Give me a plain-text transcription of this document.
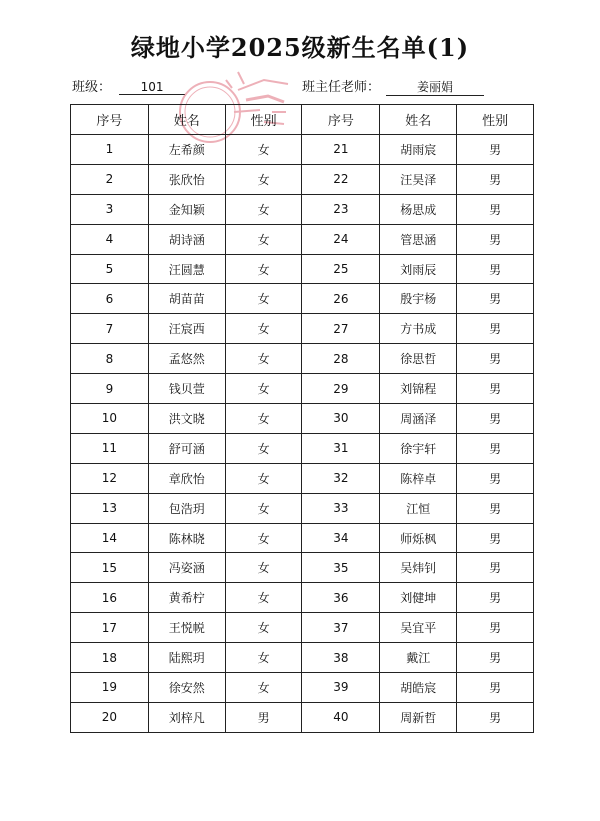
绿地小学2025级新生名单(1)
班级： 101	班主任老师：	姜丽娟
序号	姓名	性别	序号	姓名	性别
1	左希颜	女	21	胡雨宸	男
2	张欣怡	女	22	汪昊泽	男
3	金知颖	女	23	杨思成	男
4	胡诗涵	女	24	管思涵	男
5	汪圆慧	女	25	刘雨辰	男
6	胡苗苗	女	26	殷宇杨	男
7	汪宸西	女	27	方书成	男
8	孟悠然	女	28	徐思哲	男
9	钱贝萱	女	29	刘锦程	男
10	洪文晓	女	30	周涵泽	男
11	舒可涵	女	31	徐宇轩	男
12	章欣怡	女	32	陈梓卓	男
13	包浩玥	女	33	江恒	男
14	陈林晓	女	34	师烁枫	男
15	冯姿涵	女	35	吴炜钊	男
16	黄希柠	女	36	刘健坤	男
17	王悦帨	女	37	吴宜平	男
18	陆熙玥	女	38	戴江	男
19	徐安然	女	39	胡皓宸	男
20	刘梓凡	男	40	周新哲	男
